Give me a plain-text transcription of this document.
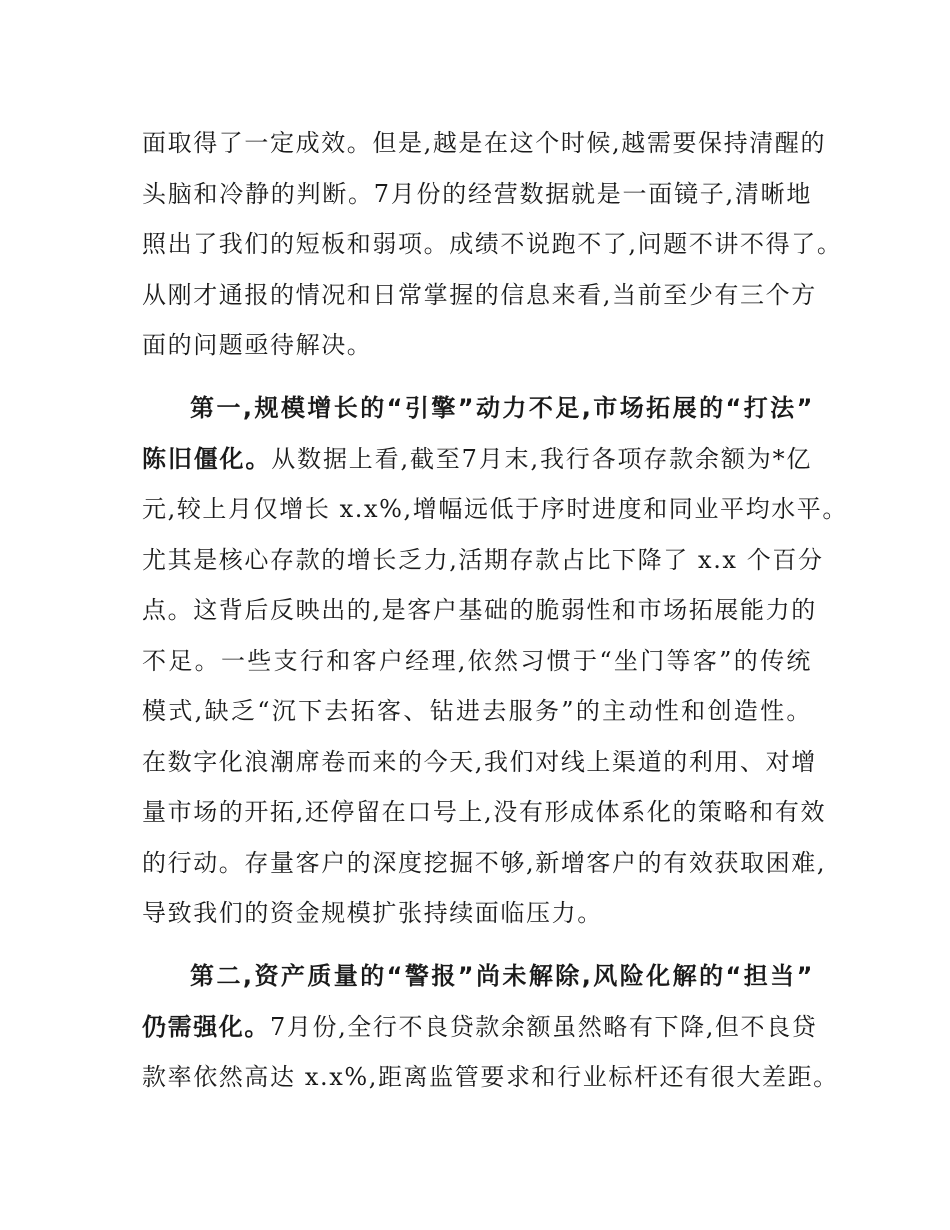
面取得了一定成效。但是,越是在这个时候,越需要保持清醒的
头脑和冷静的判断。7月份的经营数据就是一面镜子,清晰地
照出了我们的短板和弱项。成绩不说跑不了,问题不讲不得了。
从刚才通报的情况和日常掌握的信息来看,当前至少有三个方
面的问题亟待解决。
第一,规模增长的“引擎”动力不足,市场拓展的“打法”
陈旧僵化。从数据上看,截至7月末,我行各项存款余额为*亿
元,较上月仅增长 x.x%,增幅远低于序时进度和同业平均水平。
尤其是核心存款的增长乏力,活期存款占比下降了 x.x 个百分
点。这背后反映出的,是客户基础的脆弱性和市场拓展能力的
不足。一些支行和客户经理,依然习惯于“坐门等客”的传统
模式,缺乏“沉下去拓客、钻进去服务”的主动性和创造性。
在数字化浪潮席卷而来的今天,我们对线上渠道的利用、对增
量市场的开拓,还停留在口号上,没有形成体系化的策略和有效
的行动。存量客户的深度挖掘不够,新增客户的有效获取困难,
导致我们的资金规模扩张持续面临压力。
第二,资产质量的“警报”尚未解除,风险化解的“担当”
仍需强化。7月份,全行不良贷款余额虽然略有下降,但不良贷
款率依然高达 x.x%,距离监管要求和行业标杆还有很大差距。
